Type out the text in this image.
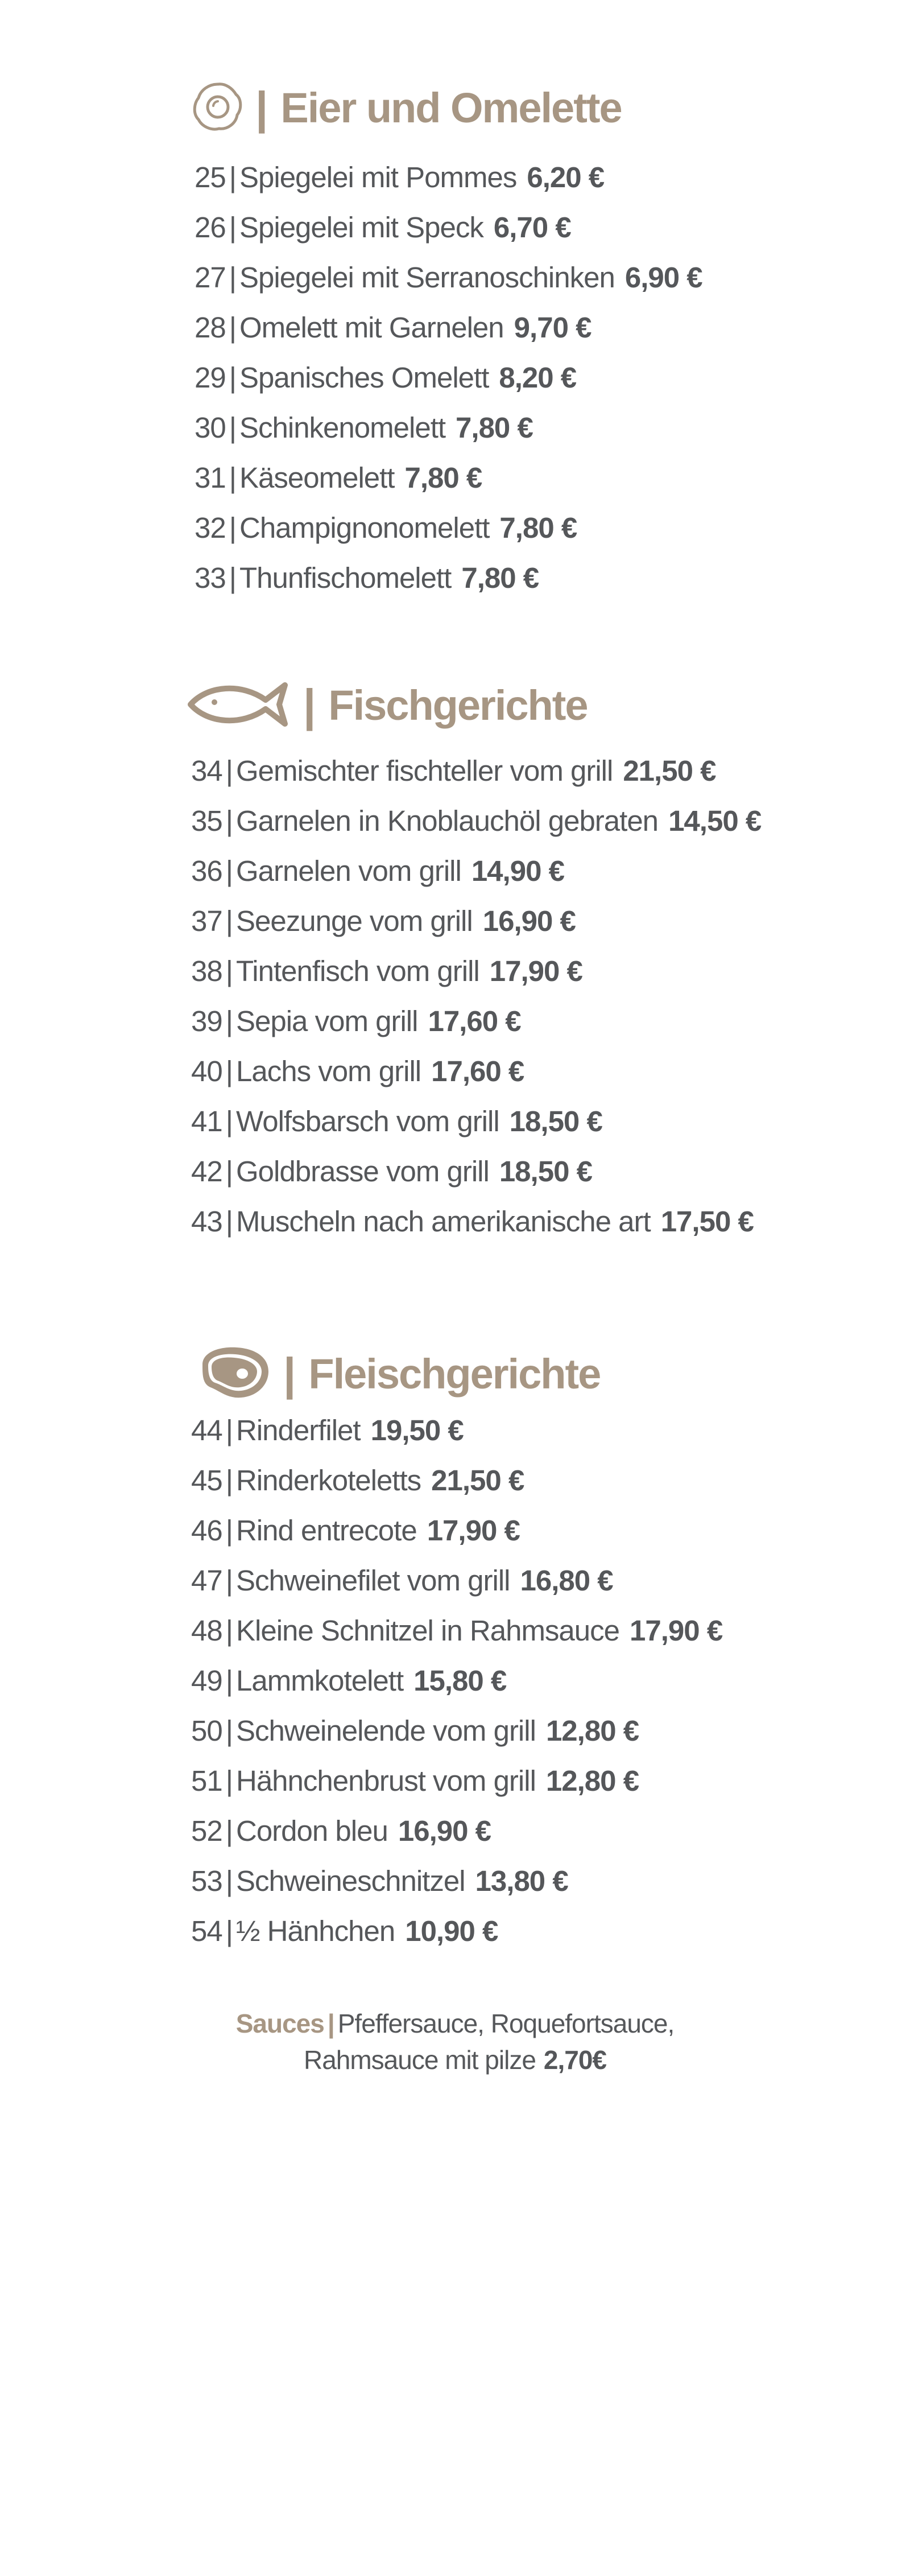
| Eier und Omelette
| Fischgerichte
| Fleischgerichte
25 | Spiegelei mit Pommes 6,20 €
26 | Spiegelei mit Speck 6,70 €
27 | Spiegelei mit Serranoschinken 6,90 €
28 | Omelett mit Garnelen 9,70 €
29 | Spanisches Omelett 8,20 €
30 | Schinkenomelett 7,80 €
31 | Käseomelett 7,80 €
32 | Champignonomelett 7,80 €
33 | Thunfischomelett 7,80 €
34 | Gemischter fischteller vom grill 21,50 €
35 | Garnelen in Knoblauchöl gebraten 14,50 €
36 | Garnelen vom grill 14,90 €
37 | Seezunge vom grill 16,90 €
38 | Tintenfisch vom grill 17,90 €
39 | Sepia vom grill 17,60 €
40 | Lachs vom grill 17,60 €
41 | Wolfsbarsch vom grill 18,50 €
42 | Goldbrasse vom grill 18,50 €
43 | Muscheln nach amerikanische art 17,50 €
44 | Rinderfilet 19,50 €
45 | Rinderkoteletts 21,50 €
46 | Rind entrecote 17,90 €
47 | Schweinefilet vom grill 16,80 €
48 | Kleine Schnitzel in Rahmsauce 17,90 €
49 | Lammkotelett 15,80 €
50 | Schweinelende vom grill 12,80 €
51 | Hähnchenbrust vom grill 12,80 €
52 | Cordon bleu 16,90 €
53 | Schweineschnitzel 13,80 €
54 | ½ Hänhchen 10,90 €
Sauces | Pfeffersauce, Roquefortsauce,
Rahmsauce mit pilze 2,70€
